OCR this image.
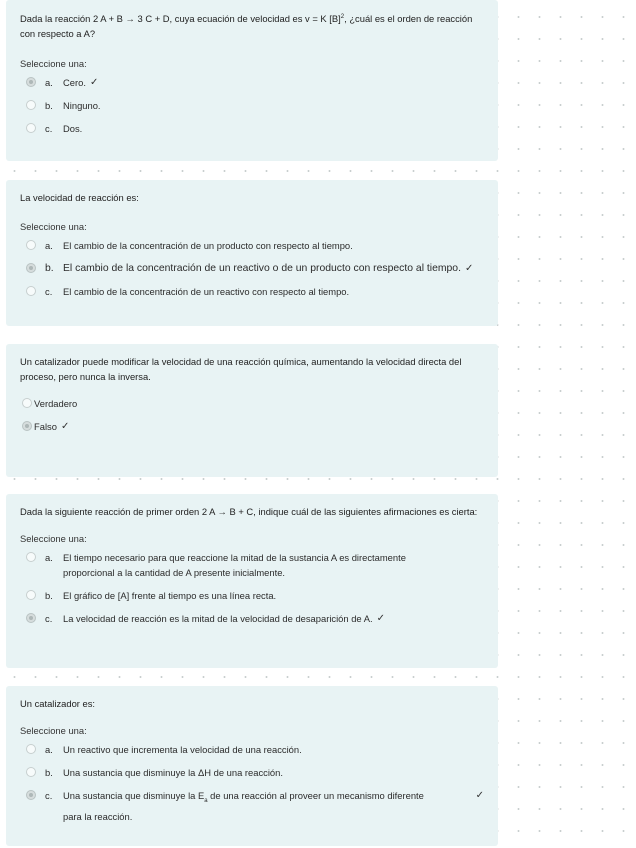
Dada la reacción 2 A + B → 3 C + D, cuya ecuación de velocidad es v = K $[B]^2$, ¿cuál es el orden de reacción con respecto a A?
Seleccione una:
a.	Cero. ✓
b.	Ninguno.
c.	Dos.
La velocidad de reacción es:
Seleccione una:
a.	El cambio de la concentración de un producto con respecto al tiempo.
b. El cambio de la concentración de un reactivo o de un producto con respecto al tiempo. ✓
c.	El cambio de la concentración de un reactivo con respecto al tiempo.
Un catalizador puede modificar la velocidad de una reacción química, aumentando la velocidad directa del proceso, pero nunca la inversa.
Verdadero
Falso ✓
Dada la siguiente reacción de primer orden 2 A → B + C, indique cuál de las siguientes afirmaciones es cierta:
Seleccione una:
a.	El tiempo necesario para que reaccione la mitad de la sustancia A es directamente proporcional a la cantidad de A presente inicialmente.
b.	El gráfico de [A] frente al tiempo es una línea recta.
c.	La velocidad de reacción es la mitad de la velocidad de desaparición de A. ✓
Un catalizador es:
Seleccione una:
a.	Un reactivo que incrementa la velocidad de una reacción.
b.	Una sustancia que disminuye la ΔH de una reacción.
c.	Una sustancia que disminuye la $E_a$ de una reacción al proveer un mecanismo diferente para la reacción.
✓
